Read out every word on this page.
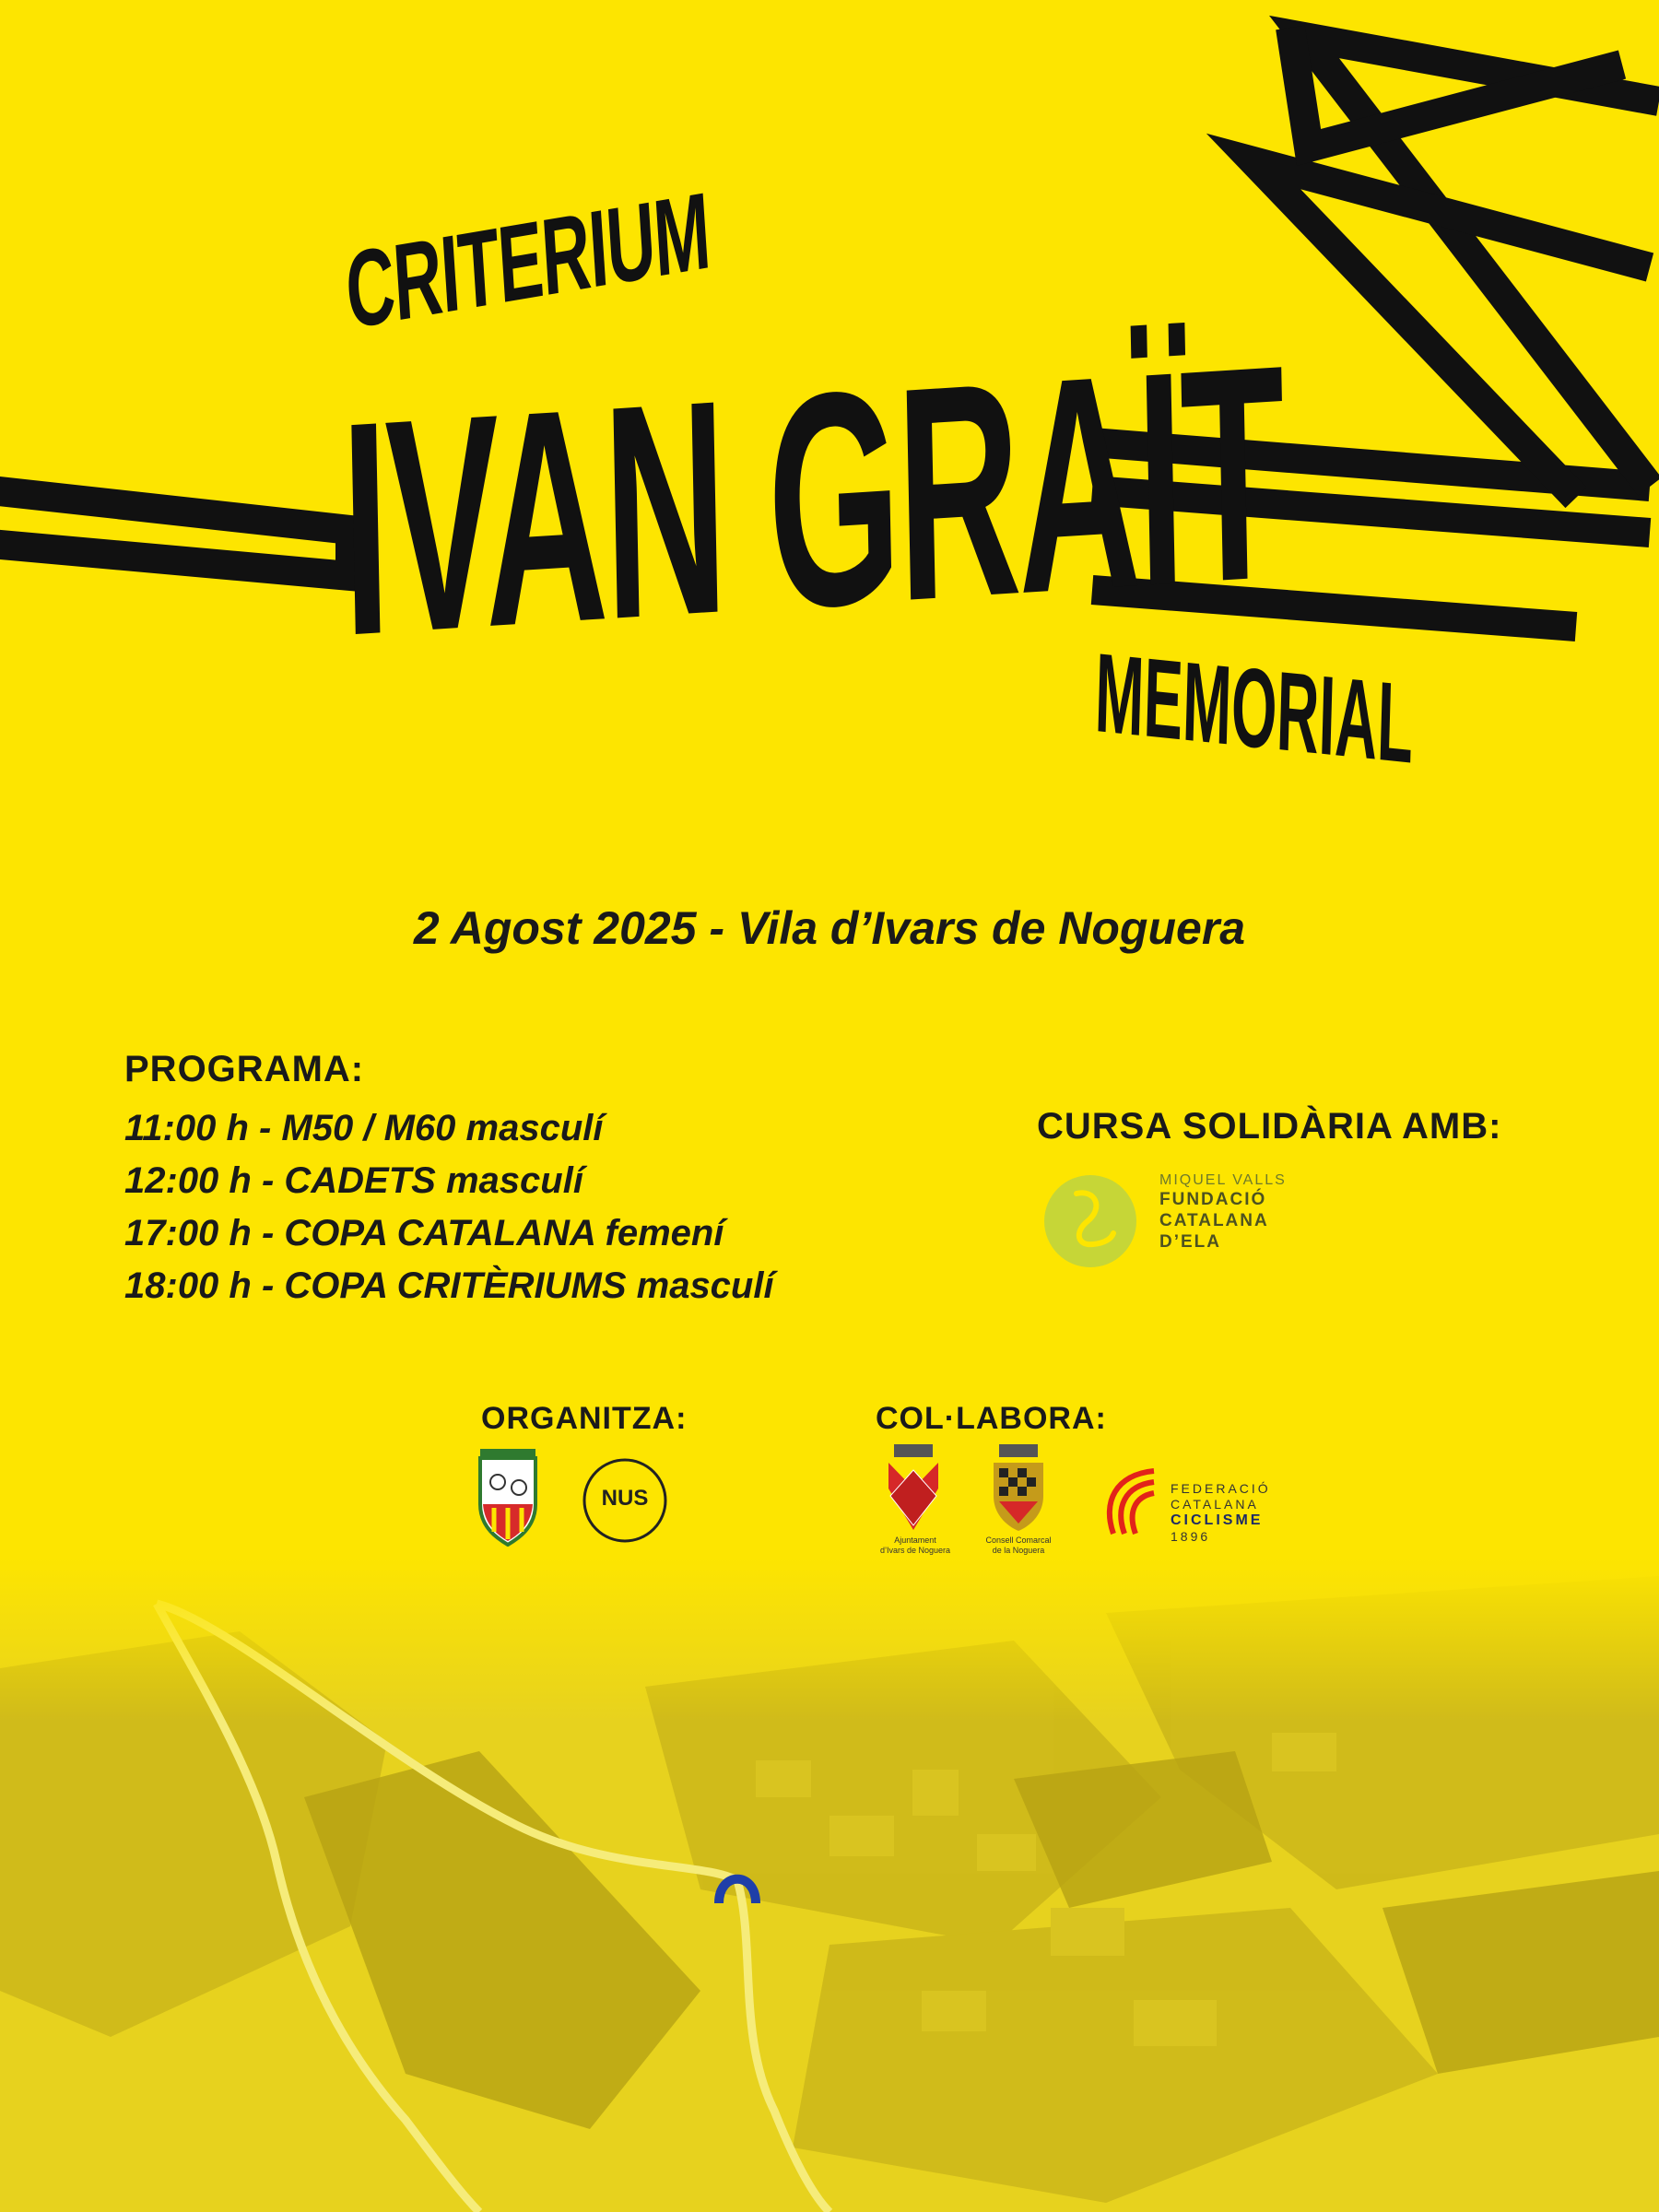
CRITERIUM
IVAN GRAÏT
MEMORIAL
2 Agost 2025 - Vila d’Ivars de Noguera
PROGRAMA:
11:00 h - M50 / M60 masculí
12:00 h - CADETS masculí
17:00 h - COPA CATALANA femení
18:00 h - COPA CRITÈRIUMS masculí
CURSA SOLIDÀRIA AMB:
MIQUEL VALLS
FUNDACIÓ
CATALANA
D’ELA
ORGANITZA:
NUS
COL·LABORA:
Ajuntament
d’Ivars de Noguera
Consell Comarcal
de la Noguera
FEDERACIÓ
CATALANA
CICLISME
1896
